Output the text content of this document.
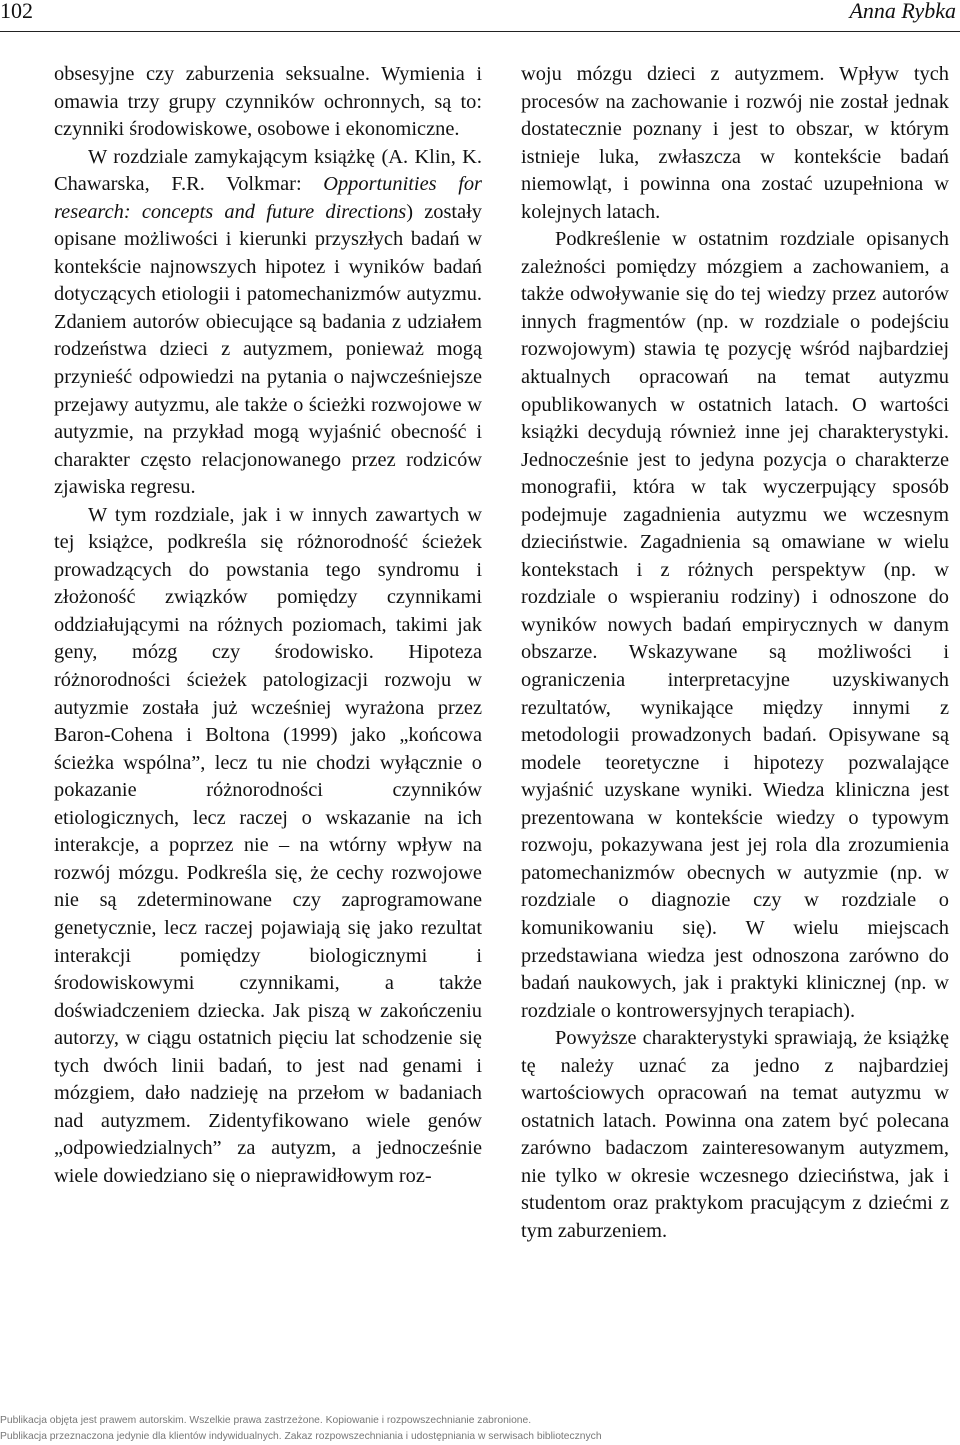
102	Anna Rybka

obsesyjne czy zaburzenia seksualne. Wymienia i omawia trzy grupy czynników ochronnych, są to: czynniki środowiskowe, osobowe i ekonomiczne.

W rozdziale zamykającym książkę (A. Klin, K. Chawarska, F.R. Volkmar: Opportunities for research: concepts and future directions) zostały opisane możliwości i kierunki przyszłych badań w kontekście najnowszych hipotez i wyników badań dotyczących etiologii i patomechanizmów autyzmu. Zdaniem autorów obiecujące są badania z udziałem rodzeństwa dzieci z autyzmem, ponieważ mogą przynieść odpowiedzi na pytania o najwcześniejsze przejawy autyzmu, ale także o ścieżki rozwojowe w autyzmie, na przykład mogą wyjaśnić obecność i charakter często relacjonowanego przez rodziców zjawiska regresu.

W tym rozdziale, jak i w innych zawartych w tej książce, podkreśla się różnorodność ścieżek prowadzących do powstania tego syndromu i złożoność związków pomiędzy czynnikami oddziałującymi na różnych poziomach, takimi jak geny, mózg czy środowisko. Hipoteza różnorodności ścieżek patologizacji rozwoju w autyzmie została już wcześniej wyrażona przez Baron-Cohena i Boltona (1999) jako „końcowa ścieżka wspólna”, lecz tu nie chodzi wyłącznie o pokazanie różnorodności czynników etiologicznych, lecz raczej o wskazanie na ich interakcje, a poprzez nie – na wtórny wpływ na rozwój mózgu. Podkreśla się, że cechy rozwojowe nie są zdeterminowane czy zaprogramowane genetycznie, lecz raczej pojawiają się jako rezultat interakcji pomiędzy biologicznymi i środowiskowymi czynnikami, a także doświadczeniem dziecka. Jak piszą w zakończeniu autorzy, w ciągu ostatnich pięciu lat schodzenie się tych dwóch linii badań, to jest nad genami i mózgiem, dało nadzieję na przełom w badaniach nad autyzmem. Zidentyfikowano wiele genów „odpowiedzialnych” za autyzm, a jednocześnie wiele dowiedziano się o nieprawidłowym roz-

woju mózgu dzieci z autyzmem. Wpływ tych procesów na zachowanie i rozwój nie został jednak dostatecznie poznany i jest to obszar, w którym istnieje luka, zwłaszcza w kontekście badań niemowląt, i powinna ona zostać uzupełniona w kolejnych latach.

Podkreślenie w ostatnim rozdziale opisanych zależności pomiędzy mózgiem a zachowaniem, a także odwoływanie się do tej wiedzy przez autorów innych fragmentów (np. w rozdziale o podejściu rozwojowym) stawia tę pozycję wśród najbardziej aktualnych opracowań na temat autyzmu opublikowanych w ostatnich latach. O wartości książki decydują również inne jej charakterystyki. Jednocześnie jest to jedyna pozycja o charakterze monografii, która w tak wyczerpujący sposób podejmuje zagadnienia autyzmu we wczesnym dzieciństwie. Zagadnienia są omawiane w wielu kontekstach i z różnych perspektyw (np. w rozdziale o wspieraniu rodziny) i odnoszone do wyników nowych badań empirycznych w danym obszarze. Wskazywane są możliwości i ograniczenia interpretacyjne uzyskiwanych rezultatów, wynikające między innymi z metodologii prowadzonych badań. Opisywane są modele teoretyczne i hipotezy pozwalające wyjaśnić uzyskane wyniki. Wiedza kliniczna jest prezentowana w kontekście wiedzy o typowym rozwoju, pokazywana jest jej rola dla zrozumienia patomechanizmów obecnych w autyzmie (np. w rozdziale o diagnozie czy w rozdziale o komunikowaniu się). W wielu miejscach przedstawiana wiedza jest odnoszona zarówno do badań naukowych, jak i praktyki klinicznej (np. w rozdziale o kontrowersyjnych terapiach).

Powyższe charakterystyki sprawiają, że książkę tę należy uznać za jedno z najbardziej wartościowych opracowań na temat autyzmu w ostatnich latach. Powinna ona zatem być polecana zarówno badaczom zainteresowanym autyzmem, nie tylko w okresie wczesnego dzieciństwa, jak i studentom oraz praktykom pracującym z dziećmi z tym zaburzeniem.

Publikacja objęta jest prawem autorskim. Wszelkie prawa zastrzeżone. Kopiowanie i rozpowszechnianie zabronione.
Publikacja przeznaczona jedynie dla klientów indywidualnych. Zakaz rozpowszechniania i udostępniania w serwisach bibliotecznych
